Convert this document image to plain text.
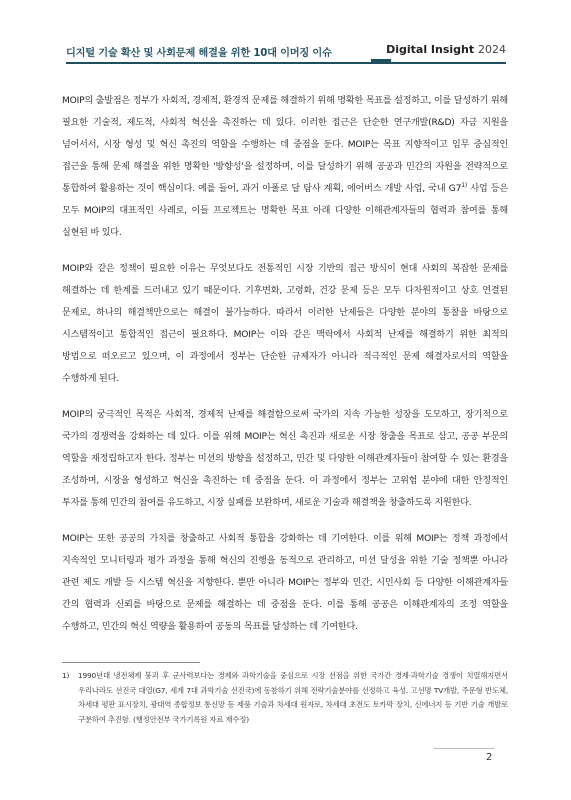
디지털 기술 확산 및 사회문제 해결을 위한 10대 이머징 이슈	Digital Insight 2024

MOIP의 출발점은 정부가 사회적, 경제적, 환경적 문제를 해결하기 위해 명확한 목표를 설정하고, 이를 달성하기 위해 필요한 기술적, 제도적, 사회적 혁신을 촉진하는 데 있다. 이러한 접근은 단순한 연구개발(R&D) 자금 지원을 넘어서서, 시장 형성 및 혁신 촉진의 역할을 수행하는 데 중점을 둔다. MOIP는 목표 지향적이고 임무 중심적인 접근을 통해 문제 해결을 위한 명확한 '방향성'을 설정하며, 이를 달성하기 위해 공공과 민간의 자원을 전략적으로 통합하여 활용하는 것이 핵심이다. 예를 들어, 과거 아폴로 달 탐사 계획, 에어버스 개발 사업, 국내 G7$^{1)}$ 사업 등은 모두 MOIP의 대표적인 사례로, 이들 프로젝트는 명확한 목표 아래 다양한 이해관계자들의 협력과 참여를 통해 실현된 바 있다.

MOIP와 같은 정책이 필요한 이유는 무엇보다도 전통적인 시장 기반의 접근 방식이 현대 사회의 복잡한 문제를 해결하는 데 한계를 드러내고 있기 때문이다. 기후변화, 고령화, 건강 문제 등은 모두 다차원적이고 상호 연결된 문제로, 하나의 해결책만으로는 해결이 불가능하다. 따라서 이러한 난제들은 다양한 분야의 통찰을 바탕으로 시스템적이고 통합적인 접근이 필요하다. MOIP는 이와 같은 맥락에서 사회적 난제를 해결하기 위한 최적의 방법으로 떠오르고 있으며, 이 과정에서 정부는 단순한 규제자가 아니라 적극적인 문제 해결자로서의 역할을 수행하게 된다.

MOIP의 궁극적인 목적은 사회적, 경제적 난제를 해결함으로써 국가의 지속 가능한 성장을 도모하고, 장기적으로 국가의 경쟁력을 강화하는 데 있다. 이를 위해 MOIP는 혁신 촉진과 새로운 시장 창출을 목표로 삼고, 공공 부문의 역할을 재정립하고자 한다. 정부는 미션의 방향을 설정하고, 민간 및 다양한 이해관계자들이 참여할 수 있는 환경을 조성하며, 시장을 형성하고 혁신을 촉진하는 데 중점을 둔다. 이 과정에서 정부는 고위험 분야에 대한 안정적인 투자를 통해 민간의 참여를 유도하고, 시장 실패를 보완하며, 새로운 기술과 해결책을 창출하도록 지원한다.

MOIP는 또한 공공의 가치를 창출하고 사회적 통합을 강화하는 데 기여한다. 이를 위해 MOIP는 정책 과정에서 지속적인 모니터링과 평가 과정을 통해 혁신의 진행을 동적으로 관리하고, 미션 달성을 위한 기술 정책뿐 아니라 관련 제도 개발 등 시스템 혁신을 지향한다. 뿐만 아니라 MOIP는 정부와 민간, 시민사회 등 다양한 이해관계자들 간의 협력과 신뢰를 바탕으로 문제를 해결하는 데 중점을 둔다. 이를 통해 공공은 이해관계자의 조정 역할을 수행하고, 민간의 혁신 역량을 활용하여 공동의 목표를 달성하는 데 기여한다.

1)	1990년대 냉전체제 붕괴 후 군사력보다는 경제와 과학기술을 중심으로 시장 선점을 위한 국가간 경제·과학기술 경쟁이 치열해지면서 우리나라도 선진국 대열(G7, 세계 7대 과학기술 선진국)에 동참하기 위해 전략기술분야를 선정하고 육성. 고선명 TV개발, 주문형 반도체, 차세대 평판 표시장치, 광대역 종합정보 통신망 등 제품 기술과 차세대 원자로, 차세대 초전도 토카막 장치, 신에너지 등 기반 기술 개발로 구분하여 추진함. (행정안전부 국가기록원 자료 재수정)
2
